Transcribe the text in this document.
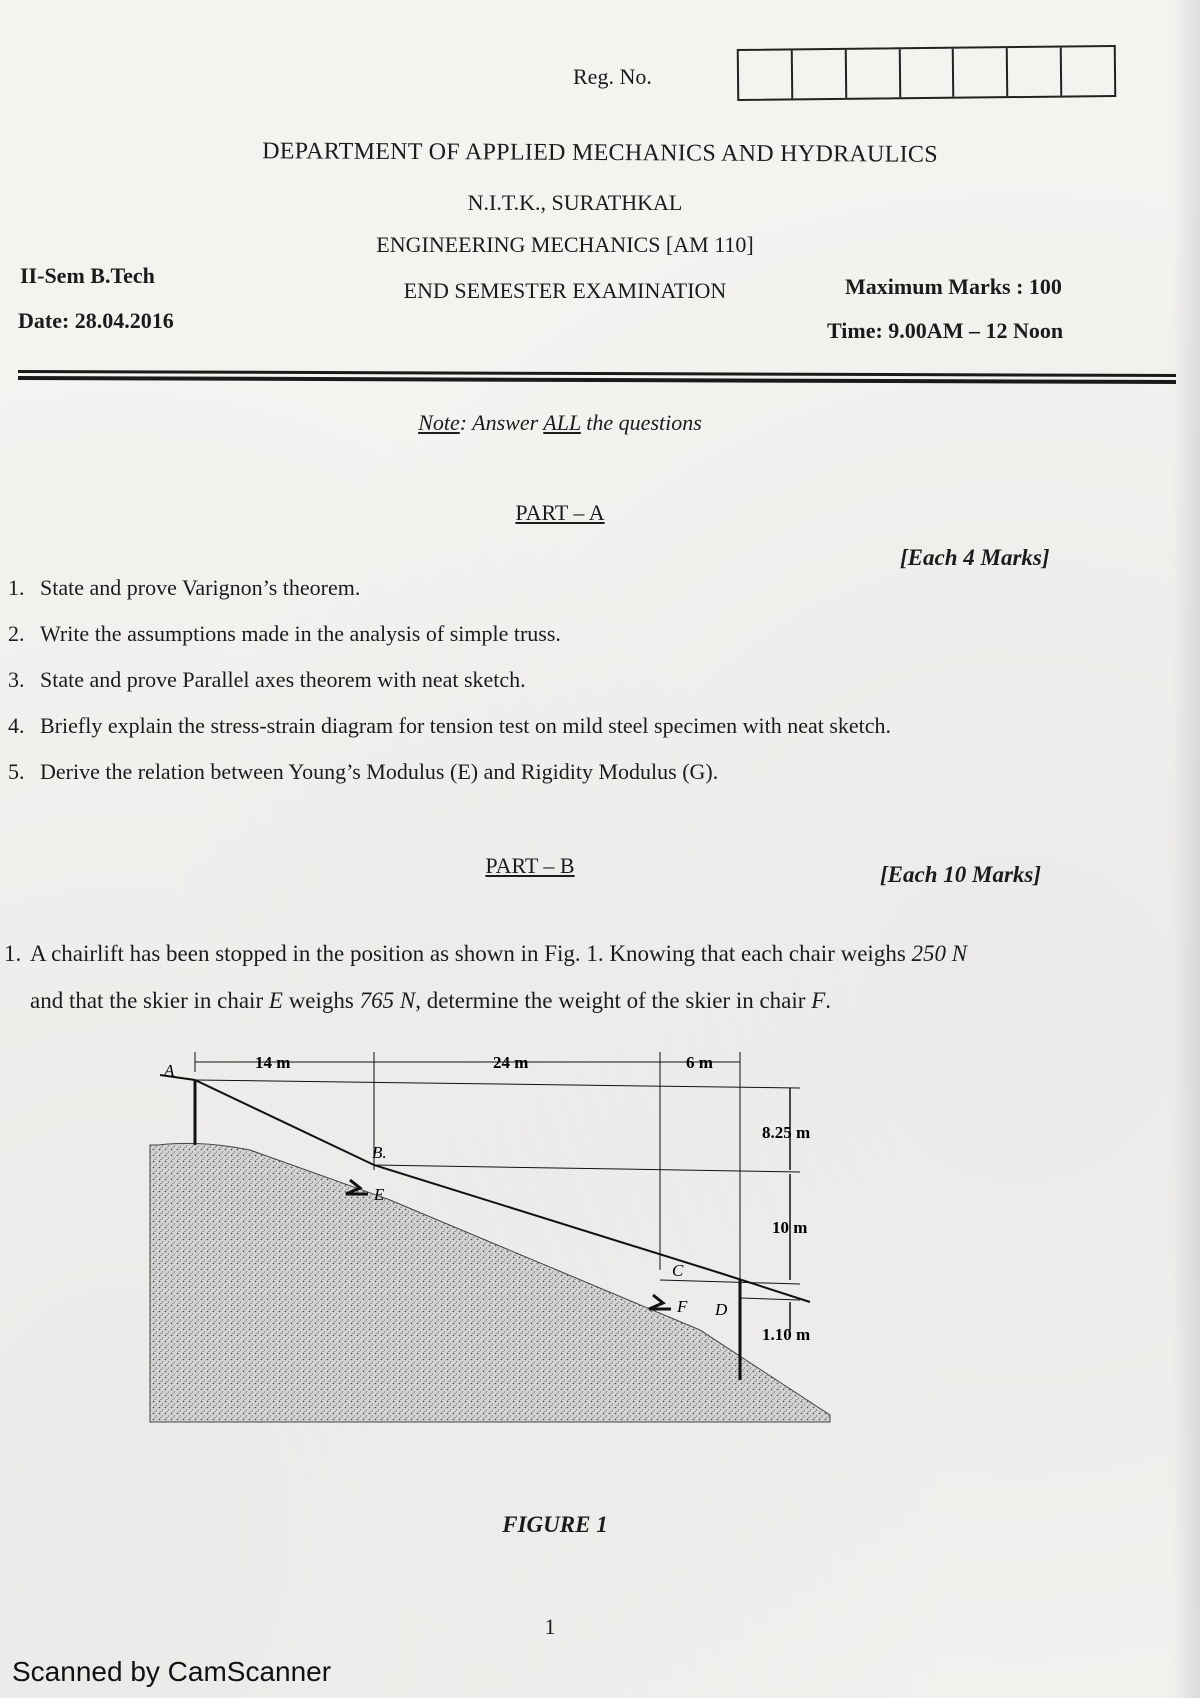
Reg. No.
DEPARTMENT OF APPLIED MECHANICS AND HYDRAULICS
N.I.T.K., SURATHKAL
ENGINEERING MECHANICS [AM 110]
END SEMESTER EXAMINATION
II-Sem B.Tech
Date: 28.04.2016
Maximum Marks : 100
Time: 9.00AM – 12 Noon
Note: Answer ALL the questions
PART – A
[Each 4 Marks]
1. State and prove Varignon’s theorem.
2. Write the assumptions made in the analysis of simple truss.
3. State and prove Parallel axes theorem with neat sketch.
4. Briefly explain the stress-strain diagram for tension test on mild steel specimen with neat sketch.
5. Derive the relation between Young’s Modulus (E) and Rigidity Modulus (G).
PART – B	[Each 10 Marks]
1. A chairlift has been stopped in the position as shown in Fig. 1. Knowing that each chair weighs 250 N
and that the skier in chair E weighs 765 N, determine the weight of the skier in chair F.
14 m	24 m	6 m
8.25 m
10 m
1.10 m
A
B.
C
D
E
F
FIGURE 1
1
Scanned by CamScanner
